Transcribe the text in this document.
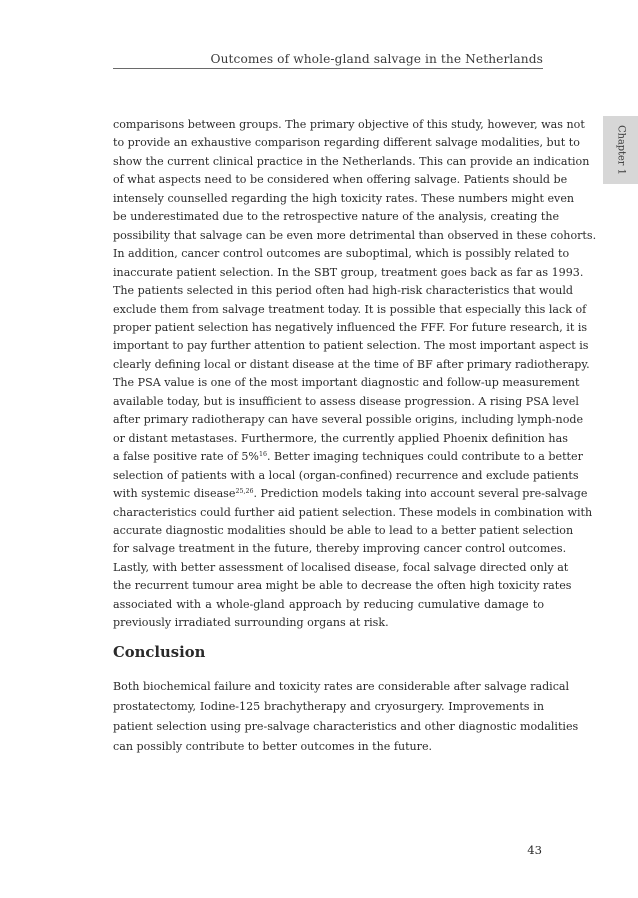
Outcomes of whole-gland salvage in the Netherlands
Chapter 1
comparisons between groups. The primary objective of this study, however, was not
to provide an exhaustive comparison regarding different salvage modalities, but to
show the current clinical practice in the Netherlands. This can provide an indication
of what aspects need to be considered when offering salvage. Patients should be
intensely counselled regarding the high toxicity rates. These numbers might even
be underestimated due to the retrospective nature of the analysis, creating the
possibility that salvage can be even more detrimental than observed in these cohorts.
In addition, cancer control outcomes are suboptimal, which is possibly related to
inaccurate patient selection. In the SBT group, treatment goes back as far as 1993.
The patients selected in this period often had high-risk characteristics that would
exclude them from salvage treatment today. It is possible that especially this lack of
proper patient selection has negatively influenced the FFF. For future research, it is
important to pay further attention to patient selection. The most important aspect is
clearly defining local or distant disease at the time of BF after primary radiotherapy.
The PSA value is one of the most important diagnostic and follow-up measurement
available today, but is insufficient to assess disease progression. A rising PSA level
after primary radiotherapy can have several possible origins, including lymph-node
or distant metastases. Furthermore, the currently applied Phoenix definition has
a false positive rate of 5%$^{16}$. Better imaging techniques could contribute to a better
selection of patients with a local (organ-confined) recurrence and exclude patients
with systemic disease$^{25,26}$. Prediction models taking into account several pre-salvage
characteristics could further aid patient selection. These models in combination with
accurate diagnostic modalities should be able to lead to a better patient selection
for salvage treatment in the future, thereby improving cancer control outcomes.
Lastly, with better assessment of localised disease, focal salvage directed only at
the recurrent tumour area might be able to decrease the often high toxicity rates
associated with a whole-gland approach by reducing cumulative damage to
previously irradiated surrounding organs at risk.
Conclusion
Both biochemical failure and toxicity rates are considerable after salvage radical
prostatectomy, Iodine-125 brachytherapy and cryosurgery. Improvements in
patient selection using pre-salvage characteristics and other diagnostic modalities
can possibly contribute to better outcomes in the future.
43
